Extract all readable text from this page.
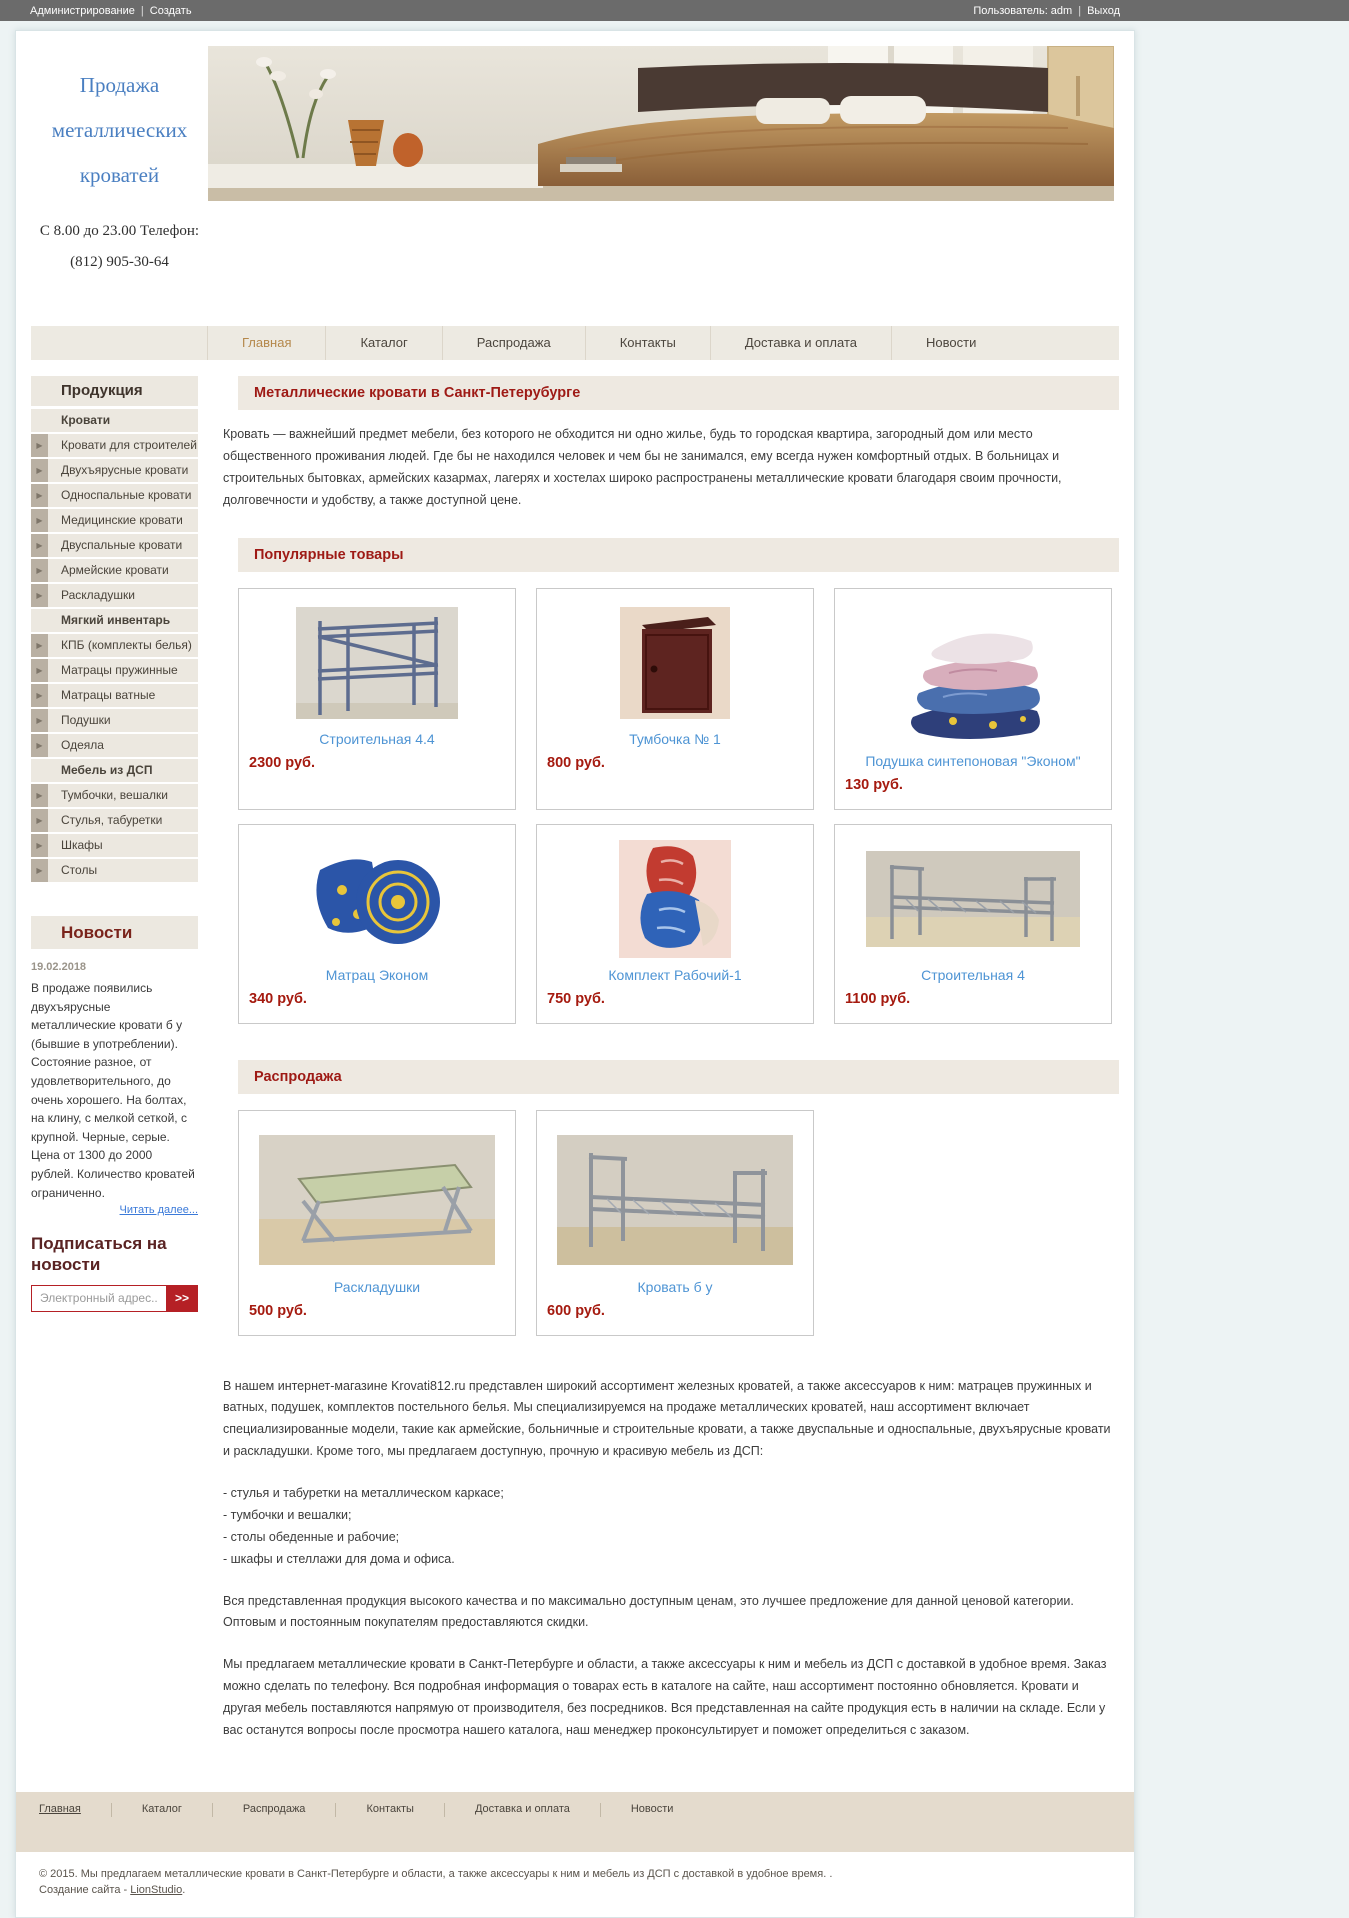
Администрирование | Создать	Пользователь: adm | Выход
Продажа
металлических
кроватей
С 8.00 до 23.00 Телефон:
(812) 905-30-64
Главная	Каталог	Распродажа	Контакты	Доставка и оплата	Новости
Продукция
Кровати
▶	Кровати для строителей
▶	Двухъярусные кровати
▶	Односпальные кровати
▶	Медицинские кровати
▶	Двуспальные кровати
▶	Армейские кровати
▶	Раскладушки
Мягкий инвентарь
▶	КПБ (комплекты белья)
▶	Матрацы пружинные
▶	Матрацы ватные
▶	Подушки
▶	Одеяла
Мебель из ДСП
▶	Тумбочки, вешалки
▶	Стулья, табуретки
▶	Шкафы
▶	Столы
Новости
19.02.2018
В продаже появились двухъярусные металлические кровати б у (бывшие в употреблении). Состояние разное, от удовлетворительного, до очень хорошего. На болтах, на клину, с мелкой сеткой, с крупной. Черные, серые. Цена от 1300 до 2000 рублей. Количество кроватей ограниченно.
Читать далее...
Подписаться на новости
Электронный адрес...
>>
Металлические кровати в Санкт-Петерубурге

Кровать — важнейший предмет мебели, без которого не обходится ни одно жилье, будь то городская квартира, загородный дом или место общественного проживания людей. Где бы не находился человек и чем бы не занимался, ему всегда нужен комфортный отдых. В больницах и строительных бытовках, армейских казармах, лагерях и хостелах широко распространены металлические кровати благодаря своим прочности, долговечности и удобству, а также доступной цене.

Популярные товары
Строительная 4.4
2300 руб.
Тумбочка № 1
800 руб.	Подушка синтепоновая "Эконом"
130 руб.
Матрац Эконом
340 руб.
Комплект Рабочий-1
750 руб.
Строительная 4
1100 руб.
Распродажа
Раскладушки
500 руб.
Кровать б у
600 руб.

В нашем интернет-магазине Krovati812.ru представлен широкий ассортимент железных кроватей, а также аксессуаров к ним: матрацев пружинных и ватных, подушек, комплектов постельного белья. Мы специализируемся на продаже металлических кроватей, наш ассортимент включает специализированные модели, такие как армейские, больничные и строительные кровати, а также двуспальные и односпальные, двухъярусные кровати и раскладушки. Кроме того, мы предлагаем доступную, прочную и красивую мебель из ДСП:

- стулья и табуретки на металлическом каркасе;
- тумбочки и вешалки;
- столы обеденные и рабочие;
- шкафы и стеллажи для дома и офиса.

Вся представленная продукция высокого качества и по максимально доступным ценам, это лучшее предложение для данной ценовой категории. Оптовым и постоянным покупателям предоставляются скидки.

Мы предлагаем металлические кровати в Санкт-Петербурге и области, а также аксессуары к ним и мебель из ДСП с доставкой в удобное время. Заказ можно сделать по телефону. Вся подробная информация о товарах есть в каталоге на сайте, наш ассортимент постоянно обновляется. Кровати и другая мебель поставляются напрямую от производителя, без посредников. Вся представленная на сайте продукция есть в наличии на складе. Если у вас останутся вопросы после просмотра нашего каталога, наш менеджер проконсультирует и поможет определиться с заказом.

Главная	Каталог	Распродажа	Контакты	Доставка и оплата	Новости
© 2015. Мы предлагаем металлические кровати в Санкт-Петербурге и области, а также аксессуары к ним и мебель из ДСП с доставкой в удобное время. .
Создание сайта - LionStudio.
